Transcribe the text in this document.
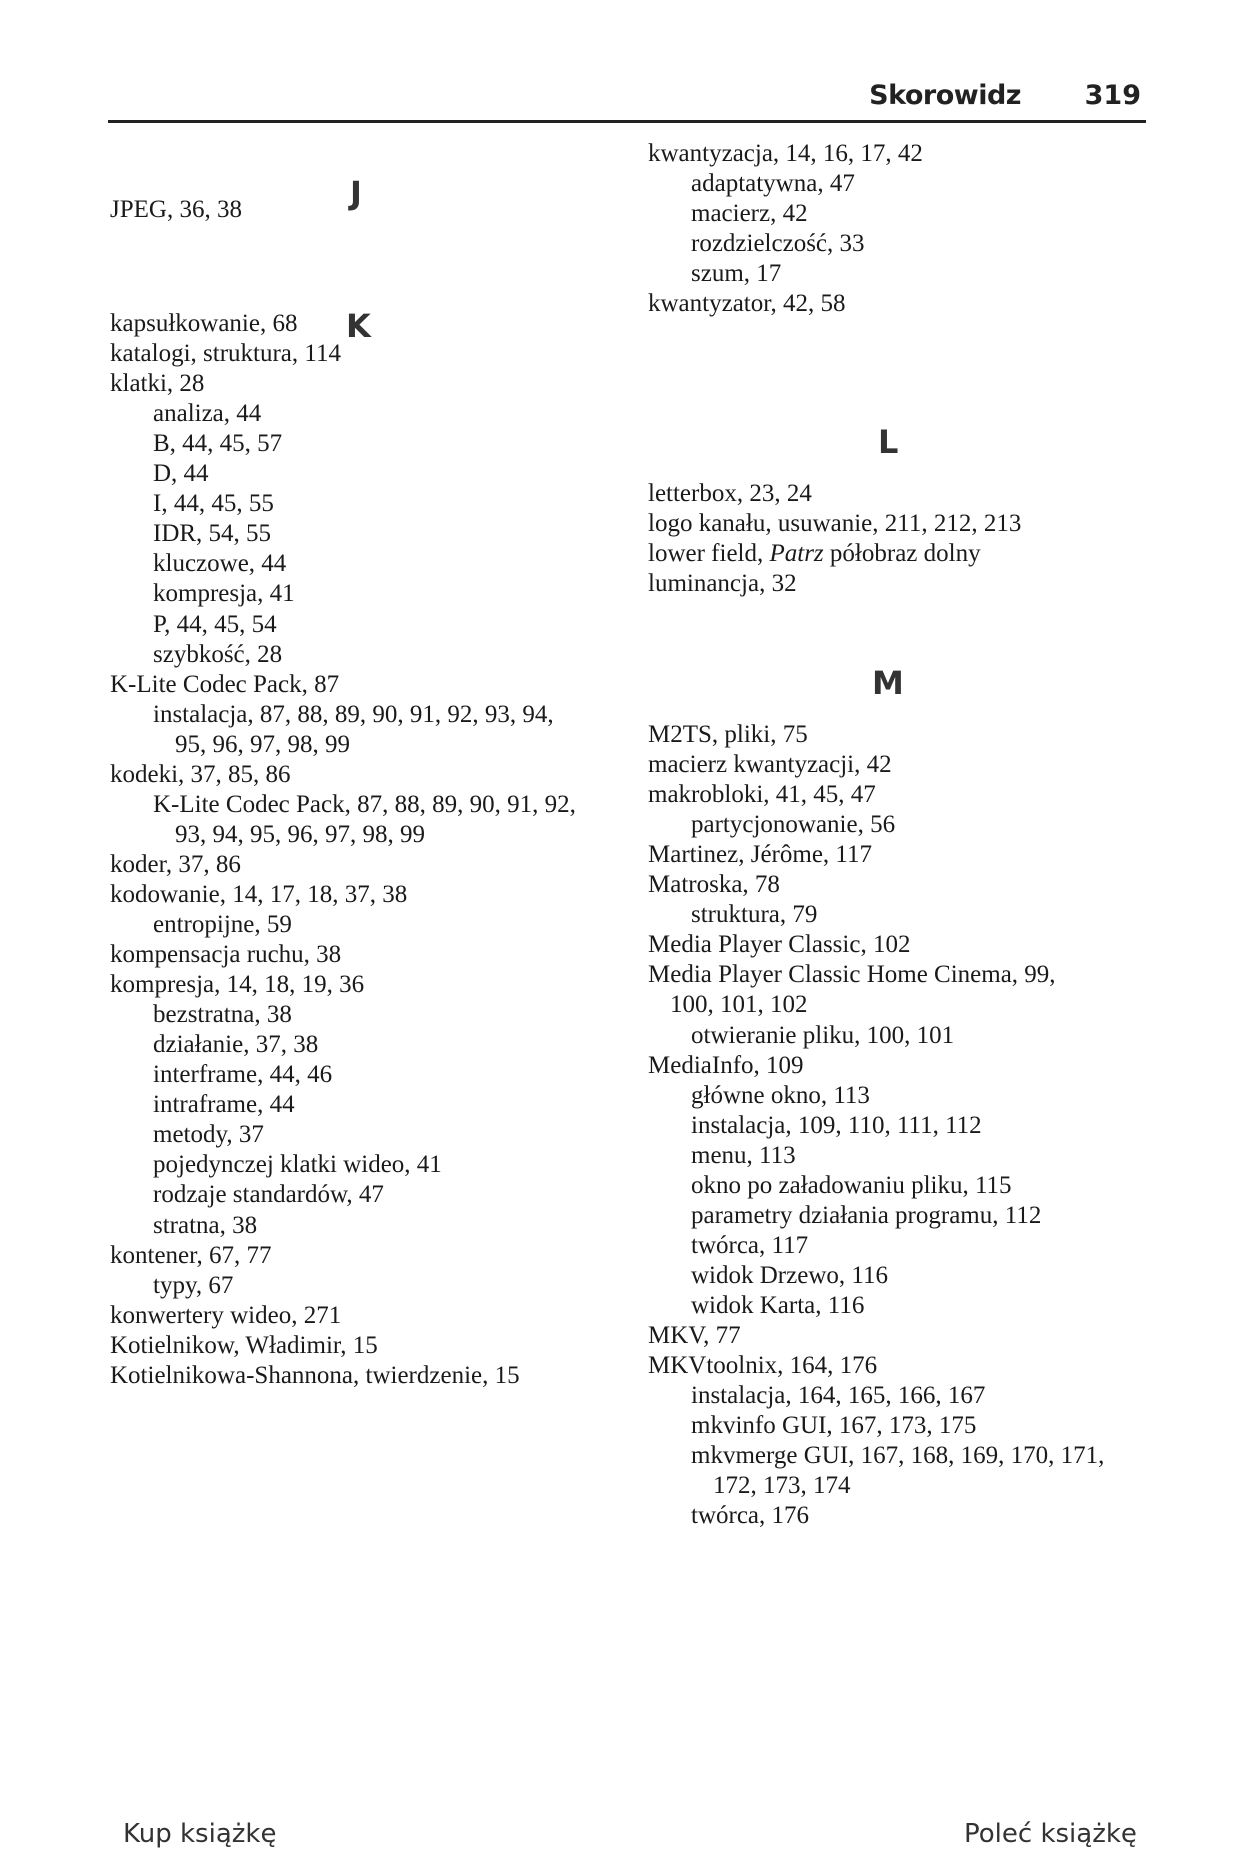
Skorowidz 319
J
JPEG, 36, 38
K
kapsułkowanie, 68
katalogi, struktura, 114
klatki, 28
analiza, 44
B, 44, 45, 57
D, 44
I, 44, 45, 55
IDR, 54, 55
kluczowe, 44
kompresja, 41
P, 44, 45, 54
szybkość, 28
K-Lite Codec Pack, 87
instalacja, 87, 88, 89, 90, 91, 92, 93, 94,
95, 96, 97, 98, 99
kodeki, 37, 85, 86
K-Lite Codec Pack, 87, 88, 89, 90, 91, 92,
93, 94, 95, 96, 97, 98, 99
koder, 37, 86
kodowanie, 14, 17, 18, 37, 38
entropijne, 59
kompensacja ruchu, 38
kompresja, 14, 18, 19, 36
bezstratna, 38
działanie, 37, 38
interframe, 44, 46
intraframe, 44
metody, 37
pojedynczej klatki wideo, 41
rodzaje standardów, 47
stratna, 38
kontener, 67, 77
typy, 67
konwertery wideo, 271
Kotielnikow, Władimir, 15
Kotielnikowa-Shannona, twierdzenie, 15
kwantyzacja, 14, 16, 17, 42
adaptatywna, 47
macierz, 42
rozdzielczość, 33
szum, 17
kwantyzator, 42, 58
L
letterbox, 23, 24
logo kanału, usuwanie, 211, 212, 213
lower field, Patrz półobraz dolny
luminancja, 32
M
M2TS, pliki, 75
macierz kwantyzacji, 42
makrobloki, 41, 45, 47
partycjonowanie, 56
Martinez, Jérôme, 117
Matroska, 78
struktura, 79
Media Player Classic, 102
Media Player Classic Home Cinema, 99,
100, 101, 102
otwieranie pliku, 100, 101
MediaInfo, 109
główne okno, 113
instalacja, 109, 110, 111, 112
menu, 113
okno po załadowaniu pliku, 115
parametry działania programu, 112
twórca, 117
widok Drzewo, 116
widok Karta, 116
MKV, 77
MKVtoolnix, 164, 176
instalacja, 164, 165, 166, 167
mkvinfo GUI, 167, 173, 175
mkvmerge GUI, 167, 168, 169, 170, 171,
172, 173, 174
twórca, 176
Kup książkę	Poleć książkę
